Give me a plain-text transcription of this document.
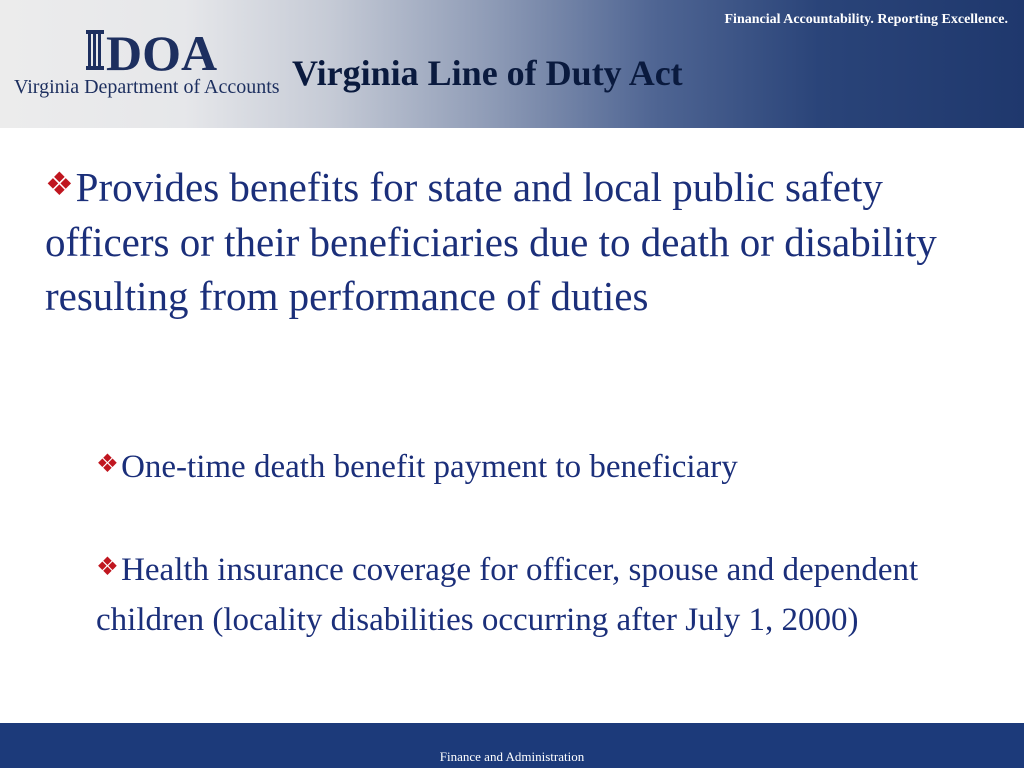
DOA
Virginia Department of Accounts
Financial Accountability. Reporting Excellence.
Virginia Line of Duty Act
❖Provides benefits for state and local public safety officers or their beneficiaries due to death or disability resulting from performance of duties
❖One-time death benefit payment to beneficiary
❖Health insurance coverage for officer, spouse and dependent children (locality disabilities occurring after July 1, 2000)
Finance and Administration
